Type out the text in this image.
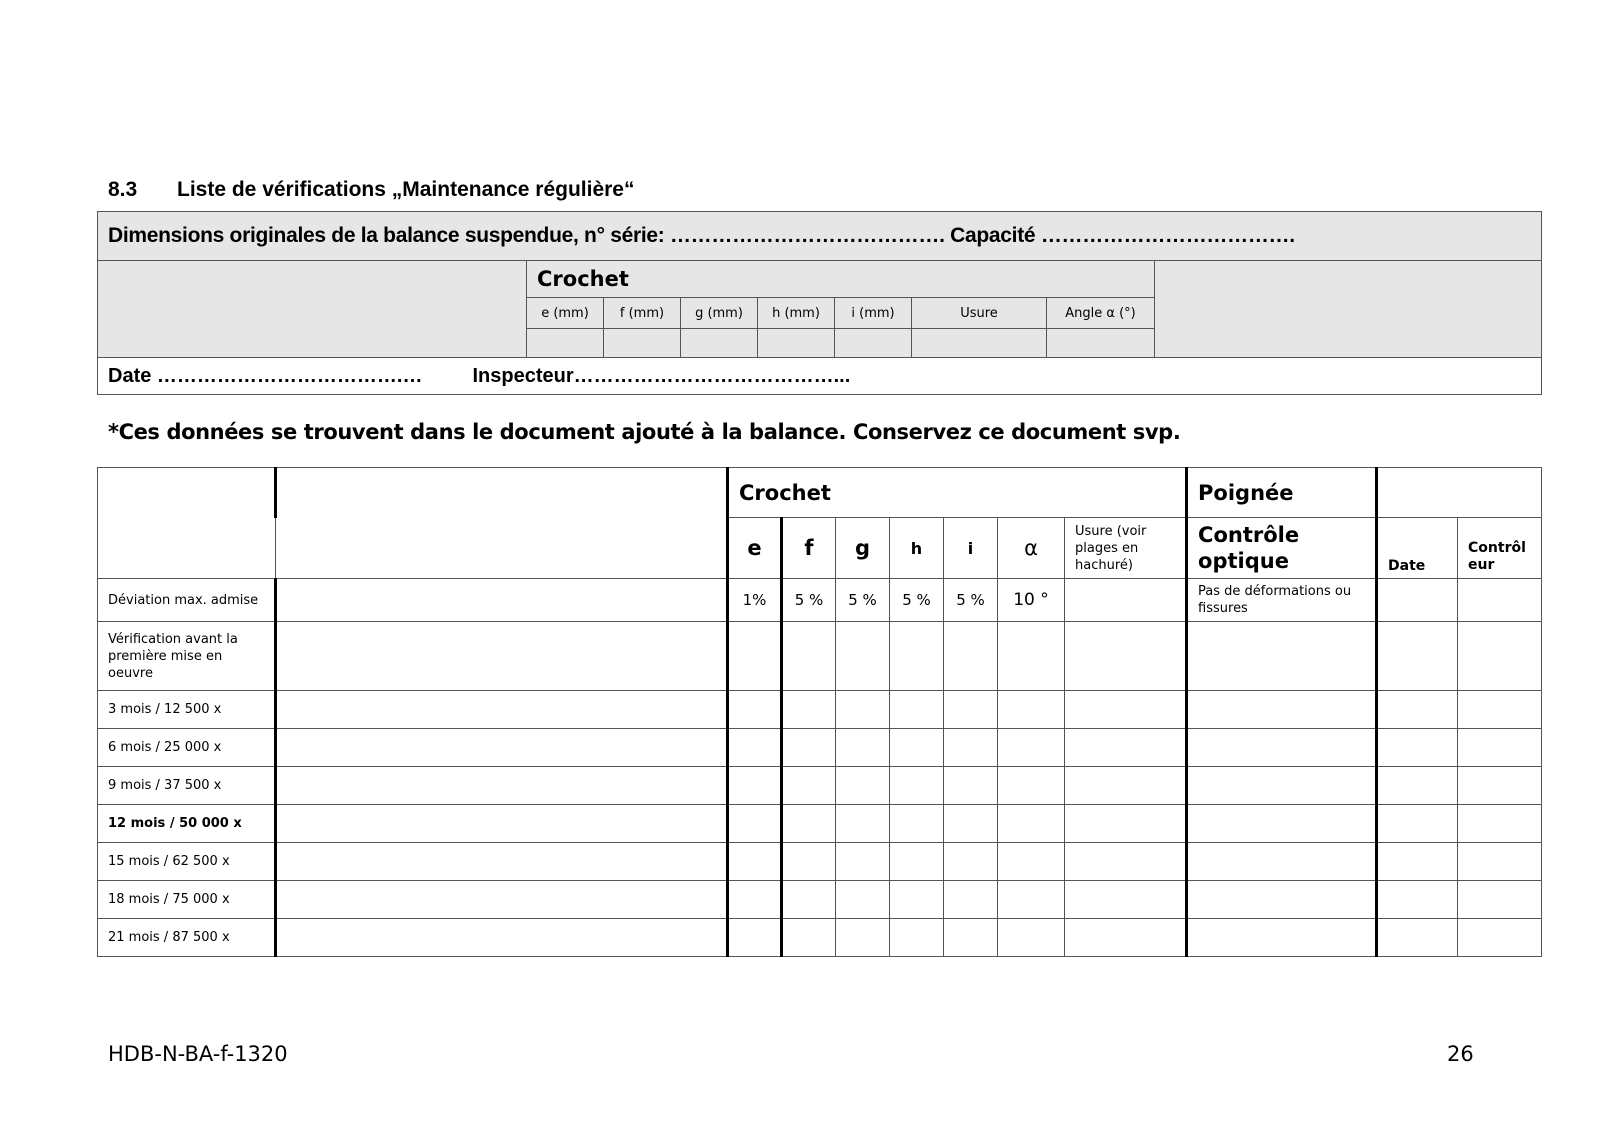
8.3 Liste de vérifications „Maintenance régulière“
Dimensions originales de la balance suspendue, n° série: …………………………………. Capacité ……………………………….								
	Crochet							
	e (mm)	f (mm)	g (mm)	h (mm)	i (mm)	Usure	Angle α (°)	

Date ……………………………….… Inspecteur…………………………………...								
*Ces données se trouvent dans le document ajouté à la balance. Conservez ce document svp.
		Crochet							Poignée		
		e	f	g	h	i	α	Usure (voir plages en hachuré)	Contrôle optique	Date	Contrôl eur
Déviation max. admise		1%	5 %	5 %	5 %	5 %	10 °		Pas de déformations ou fissures		
Vérification avant la première mise en oeuvre											
3 mois / 12 500 x											
6 mois / 25 000 x											
9 mois / 37 500 x											
12 mois / 50 000 x											
15 mois / 62 500 x											
18 mois / 75 000 x											
21 mois / 87 500 x											
HDB-N-BA-f-1320	26
